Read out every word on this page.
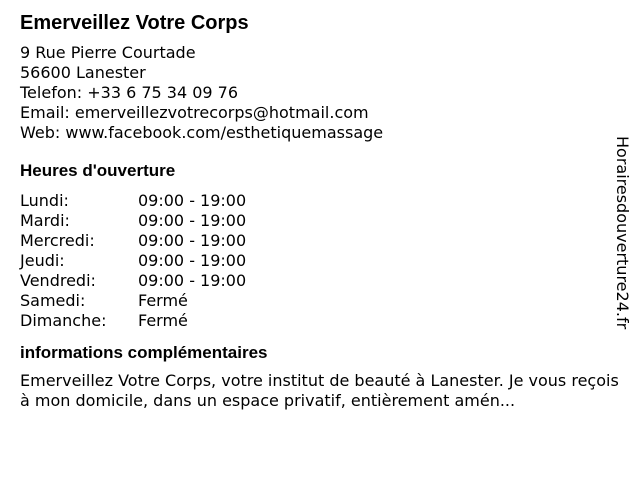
Emerveillez Votre Corps
9 Rue Pierre Courtade
56600 Lanester
Telefon: +33 6 75 34 09 76
Email: emerveillezvotrecorps@hotmail.com
Web: www.facebook.com/esthetiquemassage
Heures d'ouverture
Lundi:	09:00 - 19:00
Mardi:	09:00 - 19:00
Mercredi:	09:00 - 19:00
Jeudi:	09:00 - 19:00
Vendredi:	09:00 - 19:00
Samedi:	Fermé
Dimanche:	Fermé
informations complémentaires
Emerveillez Votre Corps, votre institut de beauté à Lanester. Je vous reçois à mon domicile, dans un espace privatif, entièrement amén...
Horairesdouverture24.fr
